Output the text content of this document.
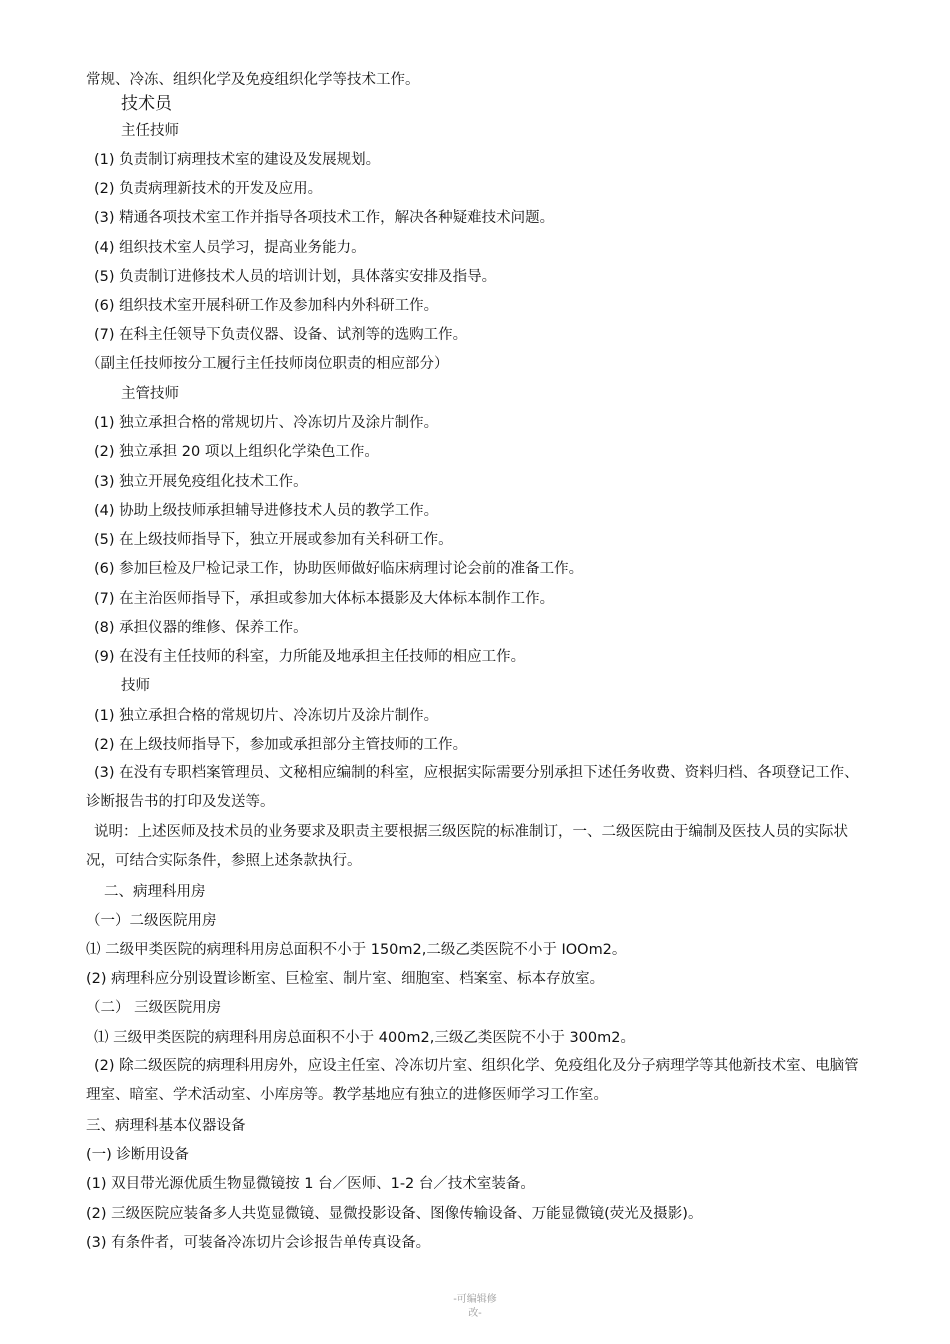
常规、冷冻、组织化学及免疫组织化学等技术工作。
技术员
主任技师
(1) 负责制订病理技术室的建设及发展规划。
(2) 负责病理新技术的开发及应用。
(3) 精通各项技术室工作并指导各项技术工作，解决各种疑难技术问题。
(4) 组织技术室人员学习，提高业务能力。
(5) 负责制订进修技术人员的培训计划，具体落实安排及指导。
(6) 组织技术室开展科研工作及参加科内外科研工作。
(7) 在科主任领导下负责仪器、设备、试剂等的选购工作。
（副主任技师按分工履行主任技师岗位职责的相应部分）
主管技师
(1) 独立承担合格的常规切片、冷冻切片及涂片制作。
(2) 独立承担 20 项以上组织化学染色工作。
(3) 独立开展免疫组化技术工作。
(4) 协助上级技师承担辅导进修技术人员的教学工作。
(5) 在上级技师指导下，独立开展或参加有关科研工作。
(6) 参加巨检及尸检记录工作，协助医师做好临床病理讨论会前的准备工作。
(7) 在主治医师指导下，承担或参加大体标本摄影及大体标本制作工作。
(8) 承担仪器的维修、保养工作。
(9) 在没有主任技师的科室，力所能及地承担主任技师的相应工作。
技师
(1) 独立承担合格的常规切片、冷冻切片及涂片制作。
(2) 在上级技师指导下，参加或承担部分主管技师的工作。
(3) 在没有专职档案管理员、文秘相应编制的科室，应根据实际需要分别承担下述任务收费、资料归档、各项登记工作、诊断报告书的打印及发送等。
说明：上述医师及技术员的业务要求及职责主要根据三级医院的标准制订，一、二级医院由于编制及医技人员的实际状况，可结合实际条件，参照上述条款执行。
二、病理科用房
（一）二级医院用房
⑴ 二级甲类医院的病理科用房总面积不小于 150m2,二级乙类医院不小于 IOOm2。
(2) 病理科应分别设置诊断室、巨检室、制片室、细胞室、档案室、标本存放室。
（二） 三级医院用房
⑴ 三级甲类医院的病理科用房总面积不小于 400m2,三级乙类医院不小于 300m2。
(2) 除二级医院的病理科用房外，应设主任室、冷冻切片室、组织化学、免疫组化及分子病理学等其他新技术室、电脑管理室、暗室、学术活动室、小库房等。教学基地应有独立的进修医师学习工作室。
三、病理科基本仪器设备
(一) 诊断用设备
(1) 双目带光源优质生物显微镜按 1 台／医师、1-2 台／技术室装备。
(2) 三级医院应装备多人共览显微镜、显微投影设备、图像传输设备、万能显微镜(荧光及摄影)。
(3) 有条件者，可装备冷冻切片会诊报告单传真设备。
-可编辑修
改-
